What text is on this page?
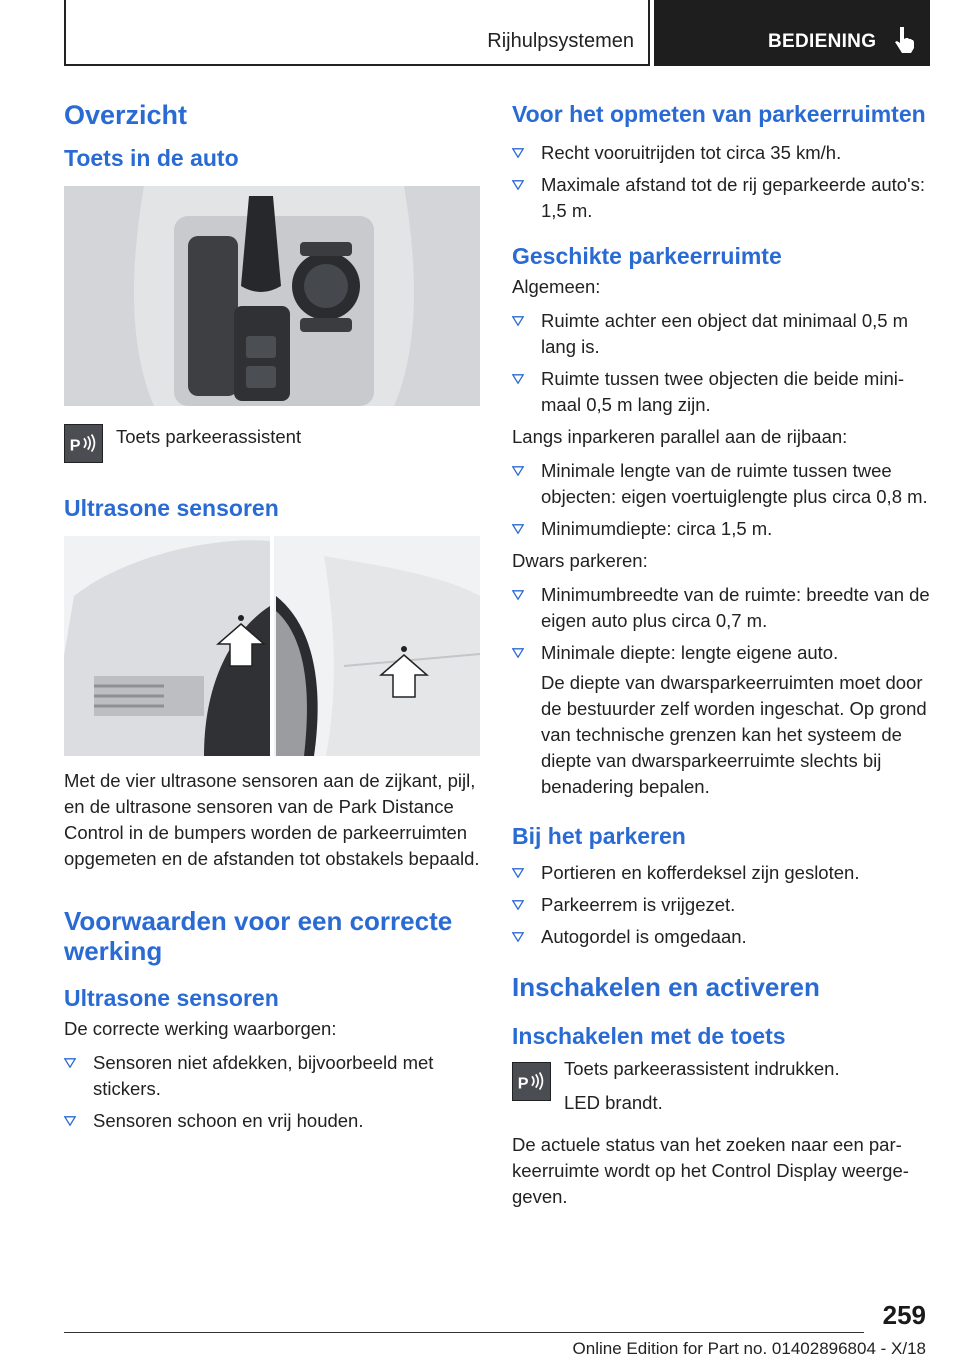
Rijhulpsystemen	BEDIENING
Overzicht
Toets in de auto
P	Toets parkeerassistent
Ultrasone sensoren

Met de vier ultrasone sensoren aan de zijkant, pijl, en de ultrasone sensoren van de Park Distance Control in de bumpers worden de parkeerruimten opgemeten en de afstanden tot obstakels bepaald.

Voorwaarden voor een correcte werking
Ultrasone sensoren

De correcte werking waarborgen:

Sensoren niet afdekken, bijvoorbeeld met stickers.
Sensoren schoon en vrij houden.
Voor het opmeten van parkeerruimten
Recht vooruitrijden tot circa 35 km/h.
Maximale afstand tot de rij geparkeerde auto's: 1,5 m.
Geschikte parkeerruimte

Algemeen:

Ruimte achter een object dat minimaal 0,5 m lang is.
Ruimte tussen twee objecten die beide minimaal 0,5 m lang zijn.

Langs inparkeren parallel aan de rijbaan:

Minimale lengte van de ruimte tussen twee objecten: eigen voertuiglengte plus circa 0,8 m.
Minimumdiepte: circa 1,5 m.

Dwars parkeren:

Minimumbreedte van de ruimte: breedte van de eigen auto plus circa 0,7 m.
Minimale diepte: lengte eigene auto.

De diepte van dwarsparkeerruimten moet door de bestuurder zelf worden ingeschat. Op grond van technische grenzen kan het systeem de diepte van dwarsparkeerruimte slechts bij benadering bepalen.

Bij het parkeren
Portieren en kofferdeksel zijn gesloten.
Parkeerrem is vrijgezet.
Autogordel is omgedaan.
Inschakelen en activeren
Inschakelen met de toets
P
Toets parkeerassistent indrukken.
LED brandt.

De actuele status van het zoeken naar een parkeerruimte wordt op het Control Display weergegeven.

259
Online Edition for Part no. 01402896804 - X/18
